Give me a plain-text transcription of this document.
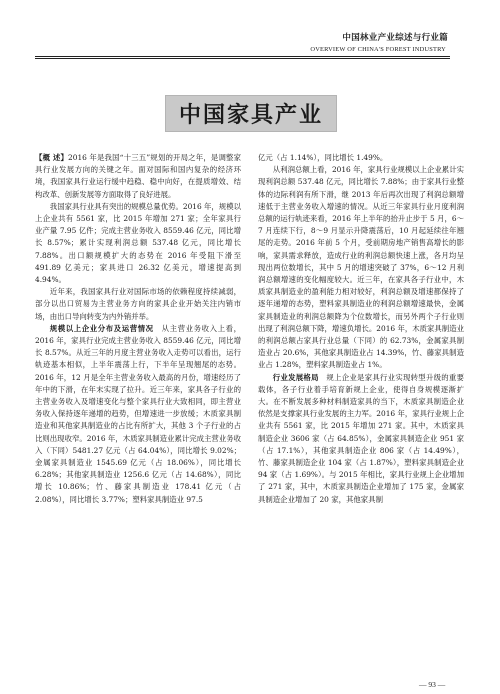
中国林业产业综述与行业篇
OVERVIEW OF CHINA'S FOREST INDUSTRY
中国家具产业

【概 述】2016 年是我国“十三五”规划的开局之年，是调整家具行业发展方向的关键之年。面对国际和国内复杂的经济环境，我国家具行业运行缓中趋稳、稳中向好，在提质增效、结构改革、创新发展等方面取得了良好进展。

我国家具行业具有突出的规模总量优势。2016 年，规模以上企业共有 5561 家，比 2015 年增加 271 家；全年家具行业产量 7.95 亿件；完成主营业务收入 8559.46 亿元，同比增长 8.57%；累计实现利润总额 537.48 亿元，同比增长 7.88%。出口额规模扩大的态势在 2016 年受阻下滑至 491.89 亿美元；家具进口 26.32 亿美元，增速提高到 4.94%。

近年来，我国家具行业对国际市场的依赖程度持续减弱，部分以出口贸易为主营业务方向的家具企业开始关注内销市场，由出口导向转变为内外销并举。

规模以上企业分布及运营情况　 从主营业务收入上看，2016 年，家具行业完成主营业务收入 8559.46 亿元，同比增长 8.57%。从近三年的月度主营业务收入走势可以看出，运行轨迹基本相似，上半年震荡上行，下半年呈现翘尾的态势。2016 年，12 月是全年主营业务收入最高的月份，增速经历了年中的下滑，在年末实现了拉升。近三年来，家具各子行业的主营业务收入及增速变化与整个家具行业大致相同，即主营业务收入保持逐年递增的趋势，但增速进一步放缓；木质家具制造业和其他家具制造业的占比有所扩大，其他 3 个子行业的占比则出现收窄。2016 年，木质家具制造业累计完成主营业务收入（下同）5481.27 亿元（占 64.04%），同比增长 9.02%；金属家具制造业 1545.69 亿元（占 18.06%），同比增长 6.28%；其他家具制造业 1256.6 亿元（占 14.68%），同比增长 10.86%；竹、藤家具制造业 178.41 亿元（占 2.08%），同比增长 3.77%；塑料家具制造业 97.5

亿元（占 1.14%），同比增长 1.49%。

从利润总额上看，2016 年，家具行业规模以上企业累计实现利润总额 537.48 亿元，同比增长 7.88%；由于家具行业整体的边际利润有所下滑，继 2013 年后再次出现了利润总额增速低于主营业务收入增速的情况。从近三年家具行业月度利润总额的运行轨迹来看，2016 年上半年的抬升止步于 5 月，6～7 月连续下行，8～9 月显示升降震荡后，10 月起延续往年翘尾的走势。2016 年前 5 个月，受前期房地产销售高增长的影响，家具需求释放，造成行业的利润总额快速上涨，各月均呈现出两位数增长，其中 5 月的增速突破了 37%，6～12 月利润总额增速的变化幅度较大。近三年，在家具各子行业中，木质家具制造业的盈利能力相对较好，利润总额及增速都保持了逐年递增的态势，塑料家具制造业的利润总额增速最快，金属家具制造业的利润总额降为个位数增长，而另外两个子行业则出现了利润总额下降，增速负增长。2016 年，木质家具制造业的利润总额占家具行业总量（下同）的 62.73%，金属家具制造业占 20.6%，其他家具制造业占 14.39%，竹、藤家具制造业占 1.28%，塑料家具制造业占 1%。

行业发展格局　 规上企业是家具行业实现转型升级的重要载体，各子行业着手培育新规上企业，使得自身规模逐渐扩大。在不断发展多种材料制造家具的当下，木质家具制造企业依然是支撑家具行业发展的主力军。2016 年，家具行业规上企业共有 5561 家，比 2015 年增加 271 家。其中，木质家具制造企业 3606 家（占 64.85%），金属家具制造企业 951 家（占 17.1%），其他家具制造企业 806 家（占 14.49%），竹、藤家具制造企业 104 家（占 1.87%），塑料家具制造企业 94 家（占 1.69%）。与 2015 年相比，家具行业规上企业增加了 271 家，其中，木质家具制造企业增加了 175 家，金属家具制造企业增加了 20 家，其他家具制

— 93 —
